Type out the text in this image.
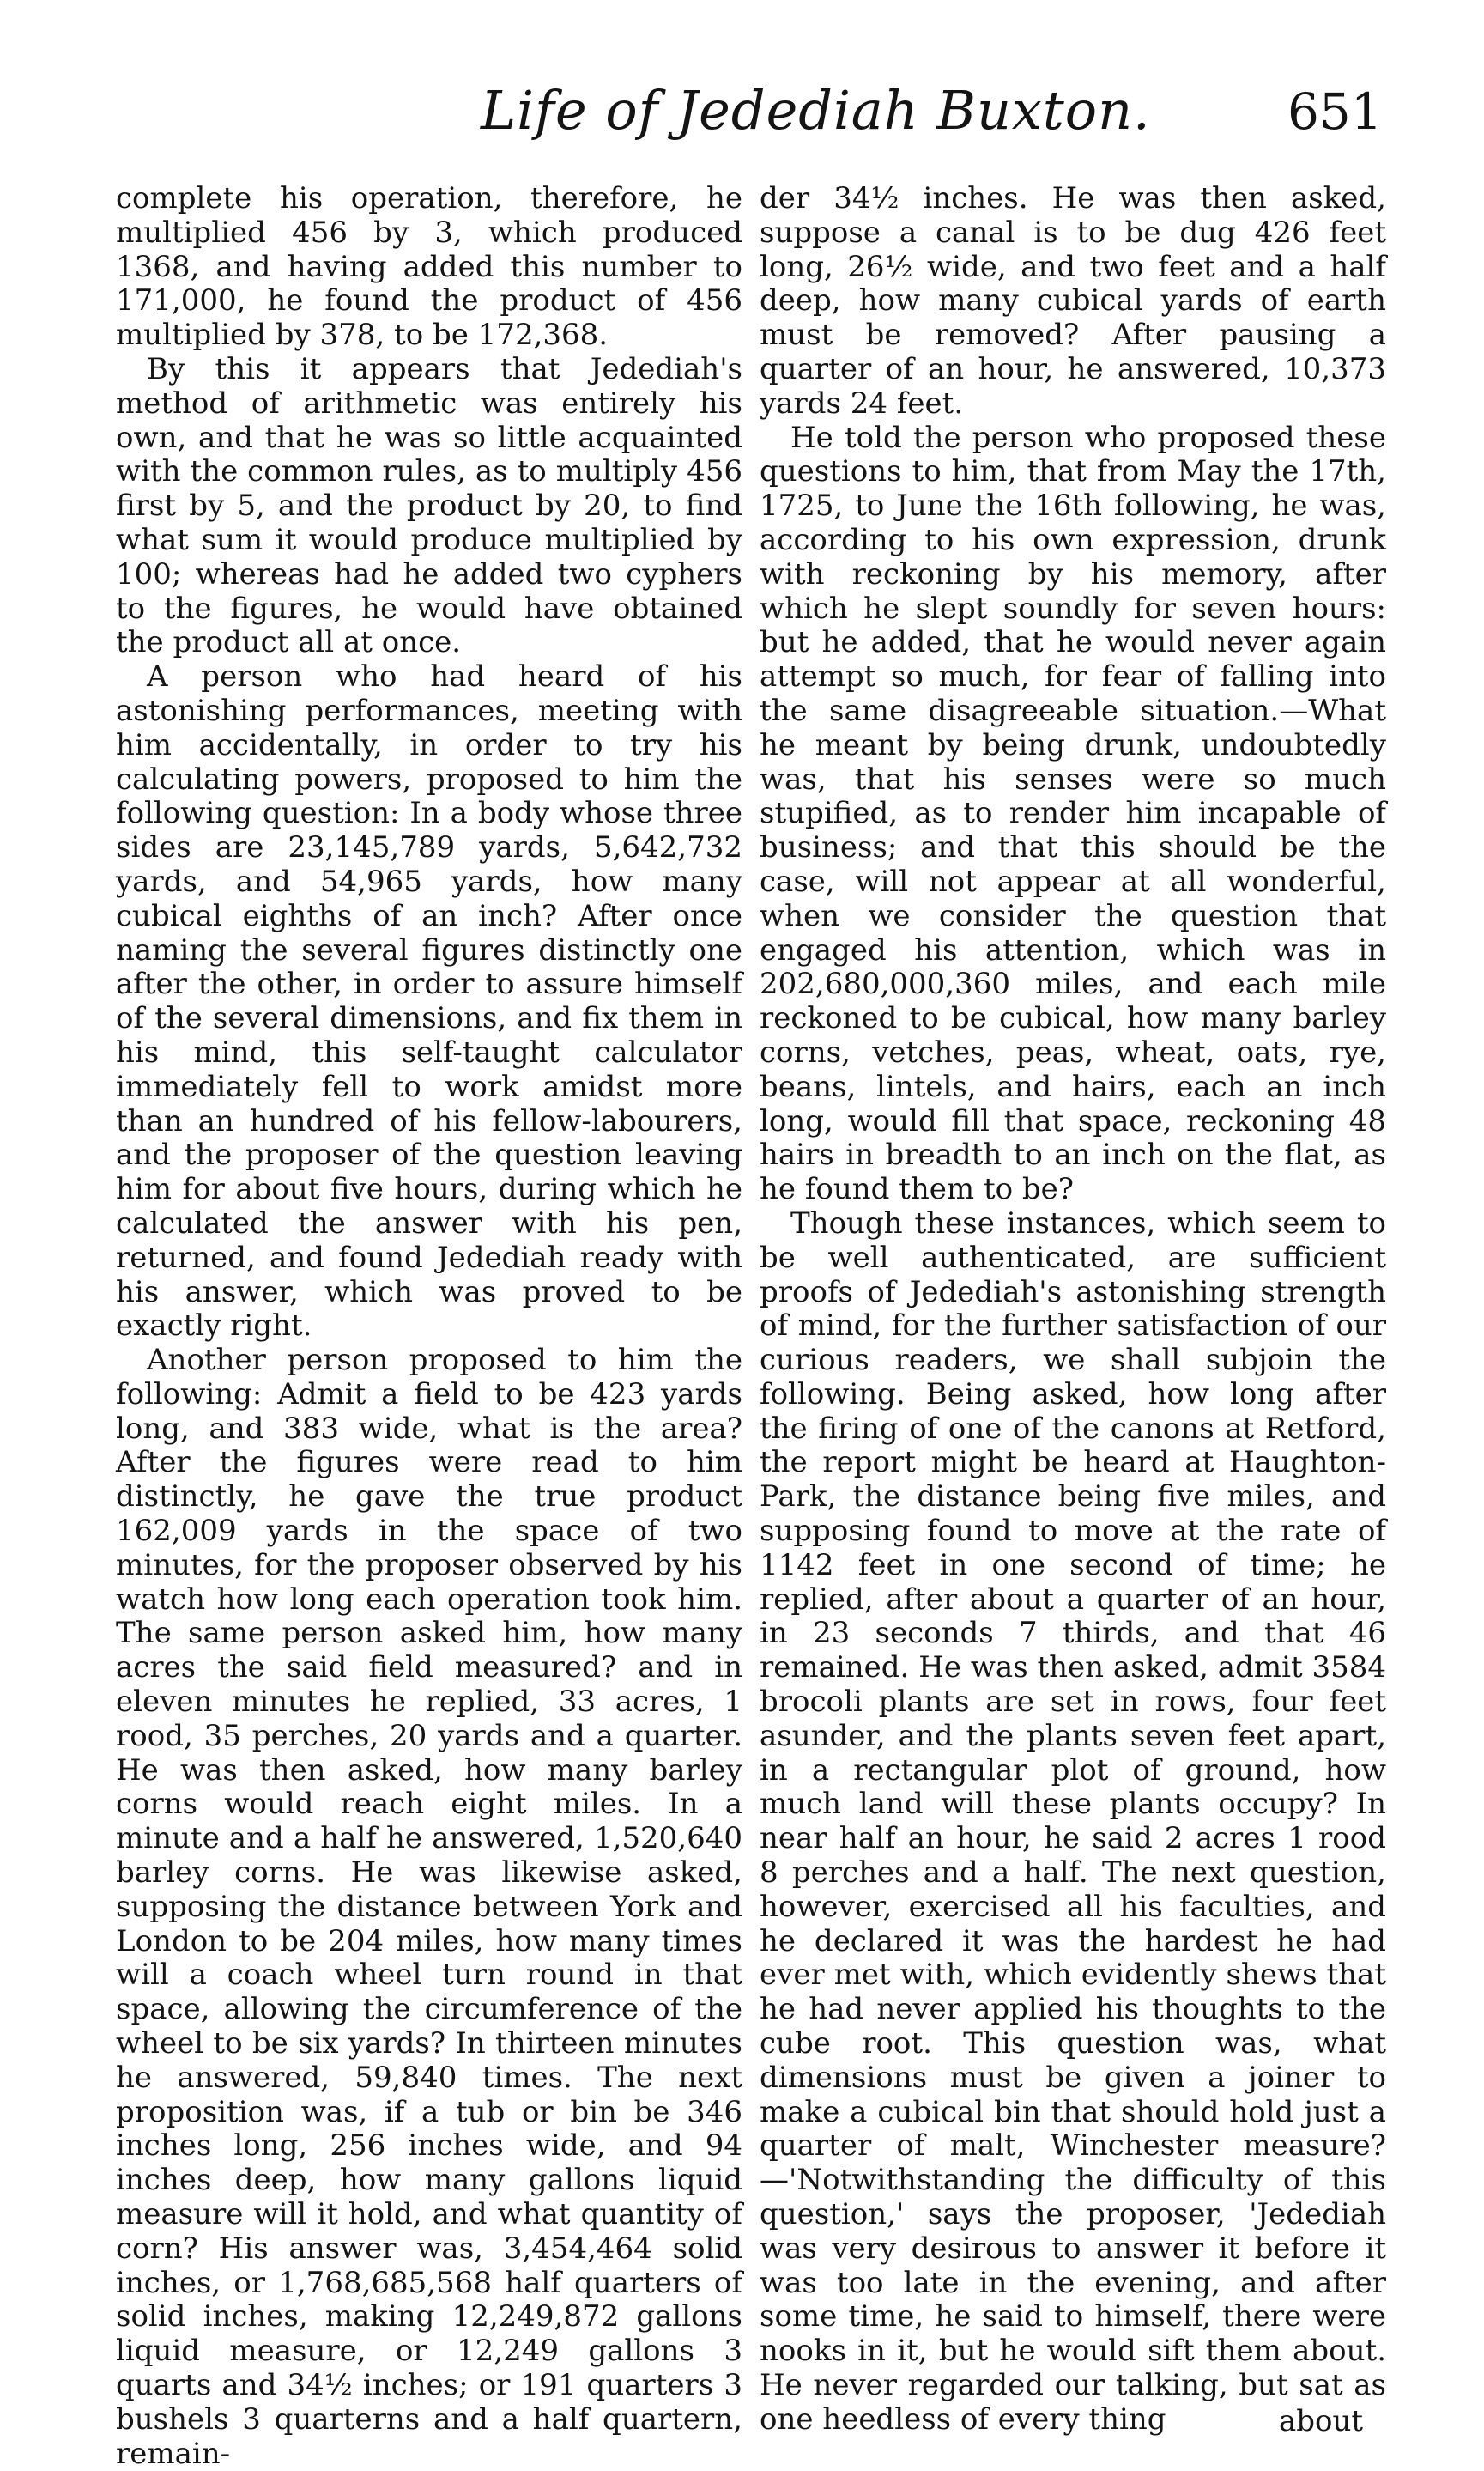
Life of Jedediah Buxton.	651

complete his operation, therefore, he multiplied 456 by 3, which produced 1368, and having added this number to 171,000, he found the product of 456 multiplied by 378, to be 172,368.

By this it appears that Jedediah's method of arithmetic was entirely his own, and that he was so little acquainted with the common rules, as to multiply 456 first by 5, and the product by 20, to find what sum it would produce multiplied by 100; whereas had he added two cyphers to the figures, he would have obtained the product all at once.

A person who had heard of his astonishing performances, meeting with him accidentally, in order to try his calculating powers, proposed to him the following question: In a body whose three sides are 23,145,789 yards, 5,642,732 yards, and 54,965 yards, how many cubical eighths of an inch? After once naming the several figures distinctly one after the other, in order to assure himself of the several dimensions, and fix them in his mind, this self-taught calculator immediately fell to work amidst more than an hundred of his fellow-labourers, and the proposer of the question leaving him for about five hours, during which he calculated the answer with his pen, returned, and found Jedediah ready with his answer, which was proved to be exactly right.

Another person proposed to him the following: Admit a field to be 423 yards long, and 383 wide, what is the area? After the figures were read to him distinctly, he gave the true product 162,009 yards in the space of two minutes, for the proposer observed by his watch how long each operation took him. The same person asked him, how many acres the said field measured? and in eleven minutes he replied, 33 acres, 1 rood, 35 perches, 20 yards and a quarter. He was then asked, how many barley corns would reach eight miles. In a minute and a half he answered, 1,520,640 barley corns. He was likewise asked, supposing the distance between York and London to be 204 miles, how many times will a coach wheel turn round in that space, allowing the circumference of the wheel to be six yards? In thirteen minutes he answered, 59,840 times. The next proposition was, if a tub or bin be 346 inches long, 256 inches wide, and 94 inches deep, how many gallons liquid measure will it hold, and what quantity of corn? His answer was, 3,454,464 solid inches, or 1,768,685,568 half quarters of solid inches, making 12,249,872 gallons liquid measure, or 12,249 gallons 3 quarts and 34½ inches; or 191 quarters 3 bushels 3 quarterns and a half quartern, remain-

der 34½ inches. He was then asked, suppose a canal is to be dug 426 feet long, 26½ wide, and two feet and a half deep, how many cubical yards of earth must be removed? After pausing a quarter of an hour, he answered, 10,373 yards 24 feet.

He told the person who proposed these questions to him, that from May the 17th, 1725, to June the 16th following, he was, according to his own expression, drunk with reckoning by his memory, after which he slept soundly for seven hours: but he added, that he would never again attempt so much, for fear of falling into the same disagreeable situation.—What he meant by being drunk, undoubtedly was, that his senses were so much stupified, as to render him incapable of business; and that this should be the case, will not appear at all wonderful, when we consider the question that engaged his attention, which was in 202,680,000,360 miles, and each mile reckoned to be cubical, how many barley corns, vetches, peas, wheat, oats, rye, beans, lintels, and hairs, each an inch long, would fill that space, reckoning 48 hairs in breadth to an inch on the flat, as he found them to be?

Though these instances, which seem to be well authenticated, are sufficient proofs of Jedediah's astonishing strength of mind, for the further satisfaction of our curious readers, we shall subjoin the following. Being asked, how long after the firing of one of the canons at Retford, the report might be heard at Haughton-Park, the distance being five miles, and supposing found to move at the rate of 1142 feet in one second of time; he replied, after about a quarter of an hour, in 23 seconds 7 thirds, and that 46 remained. He was then asked, admit 3584 brocoli plants are set in rows, four feet asunder, and the plants seven feet apart, in a rectangular plot of ground, how much land will these plants occupy? In near half an hour, he said 2 acres 1 rood 8 perches and a half. The next question, however, exercised all his faculties, and he declared it was the hardest he had ever met with, which evidently shews that he had never applied his thoughts to the cube root. This question was, what dimensions must be given a joiner to make a cubical bin that should hold just a quarter of malt, Winchester measure?—'Notwithstanding the difficulty of this question,' says the proposer, 'Jedediah was very desirous to answer it before it was too late in the evening, and after some time, he said to himself, there were nooks in it, but he would sift them about. He never regarded our talking, but sat as one heedless of every thing	about
